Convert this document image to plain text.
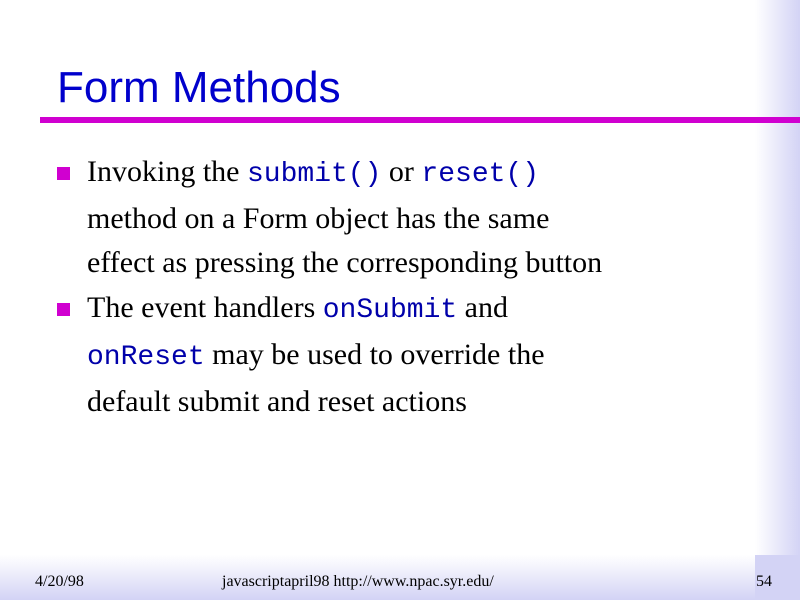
Form Methods
Invoking the submit() or reset()
method on a Form object has the same
effect as pressing the corresponding button
The event handlers onSubmit and
onReset may be used to override the
default submit and reset actions
4/20/98	javascriptapril98 http://www.npac.syr.edu/	54
